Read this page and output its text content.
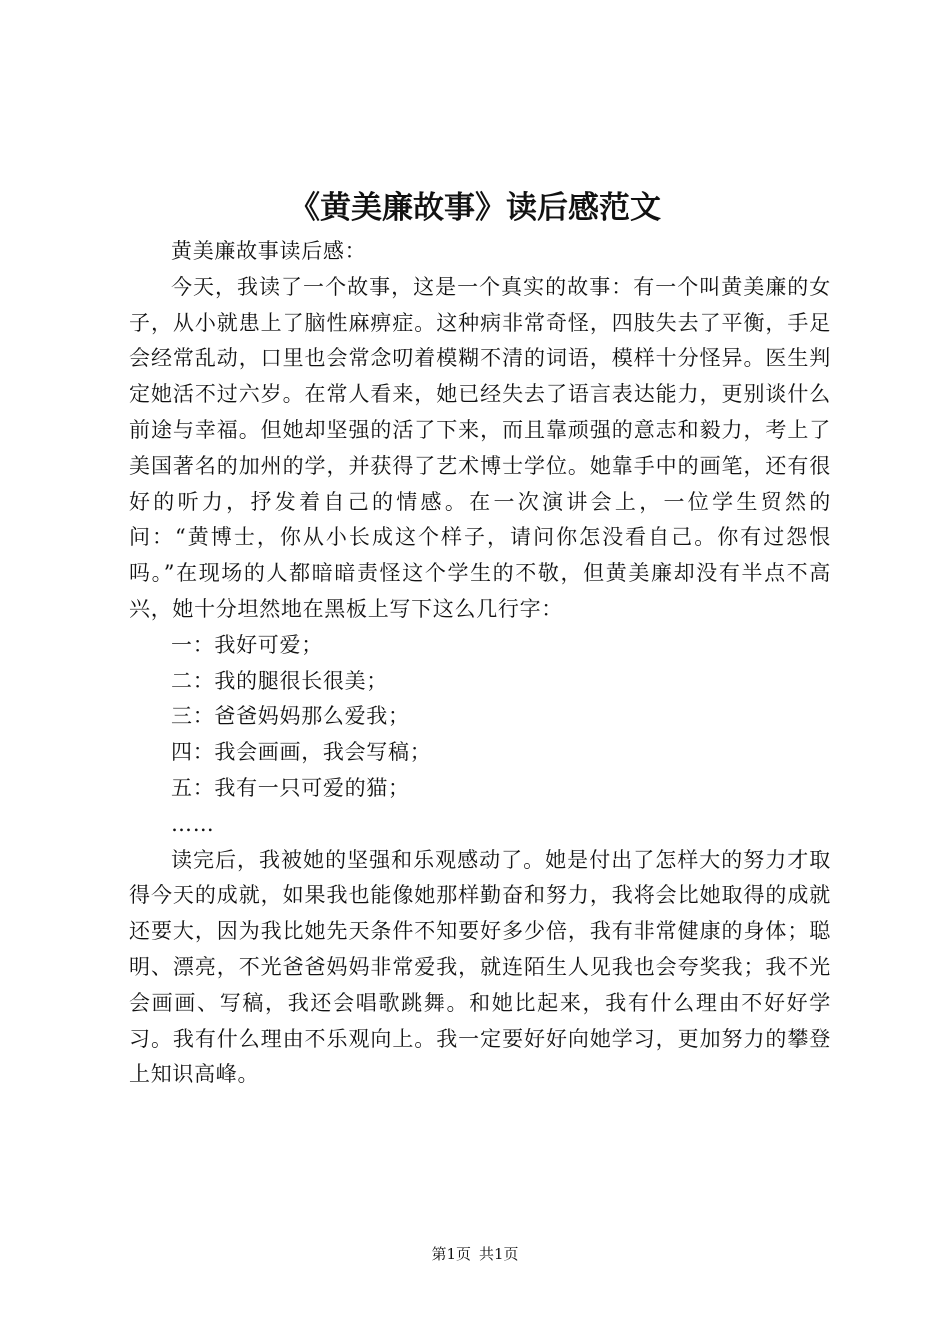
《黄美廉故事》读后感范文

黄美廉故事读后感：

今天，我读了一个故事，这是一个真实的故事：有一个叫黄美廉的女子，从小就患上了脑性麻痹症。这种病非常奇怪，四肢失去了平衡，手足会经常乱动，口里也会常念叨着模糊不清的词语，模样十分怪异。医生判定她活不过六岁。在常人看来，她已经失去了语言表达能力，更别谈什么前途与幸福。但她却坚强的活了下来，而且靠顽强的意志和毅力，考上了美国著名的加州的学，并获得了艺术博士学位。她靠手中的画笔，还有很好的听力，抒发着自己的情感。在一次演讲会上，一位学生贸然的问：“黄博士，你从小长成这个样子，请问你怎没看自己。你有过怨恨吗。”在现场的人都暗暗责怪这个学生的不敬，但黄美廉却没有半点不高兴，她十分坦然地在黑板上写下这么几行字：

一：我好可爱；

二：我的腿很长很美；

三：爸爸妈妈那么爱我；

四：我会画画，我会写稿；

五：我有一只可爱的猫；

……

读完后，我被她的坚强和乐观感动了。她是付出了怎样大的努力才取得今天的成就，如果我也能像她那样勤奋和努力，我将会比她取得的成就还要大，因为我比她先天条件不知要好多少倍，我有非常健康的身体；聪明、漂亮，不光爸爸妈妈非常爱我，就连陌生人见我也会夸奖我；我不光会画画、写稿，我还会唱歌跳舞。和她比起来，我有什么理由不好好学习。我有什么理由不乐观向上。我一定要好好向她学习，更加努力的攀登上知识高峰。

第1页 共1页
